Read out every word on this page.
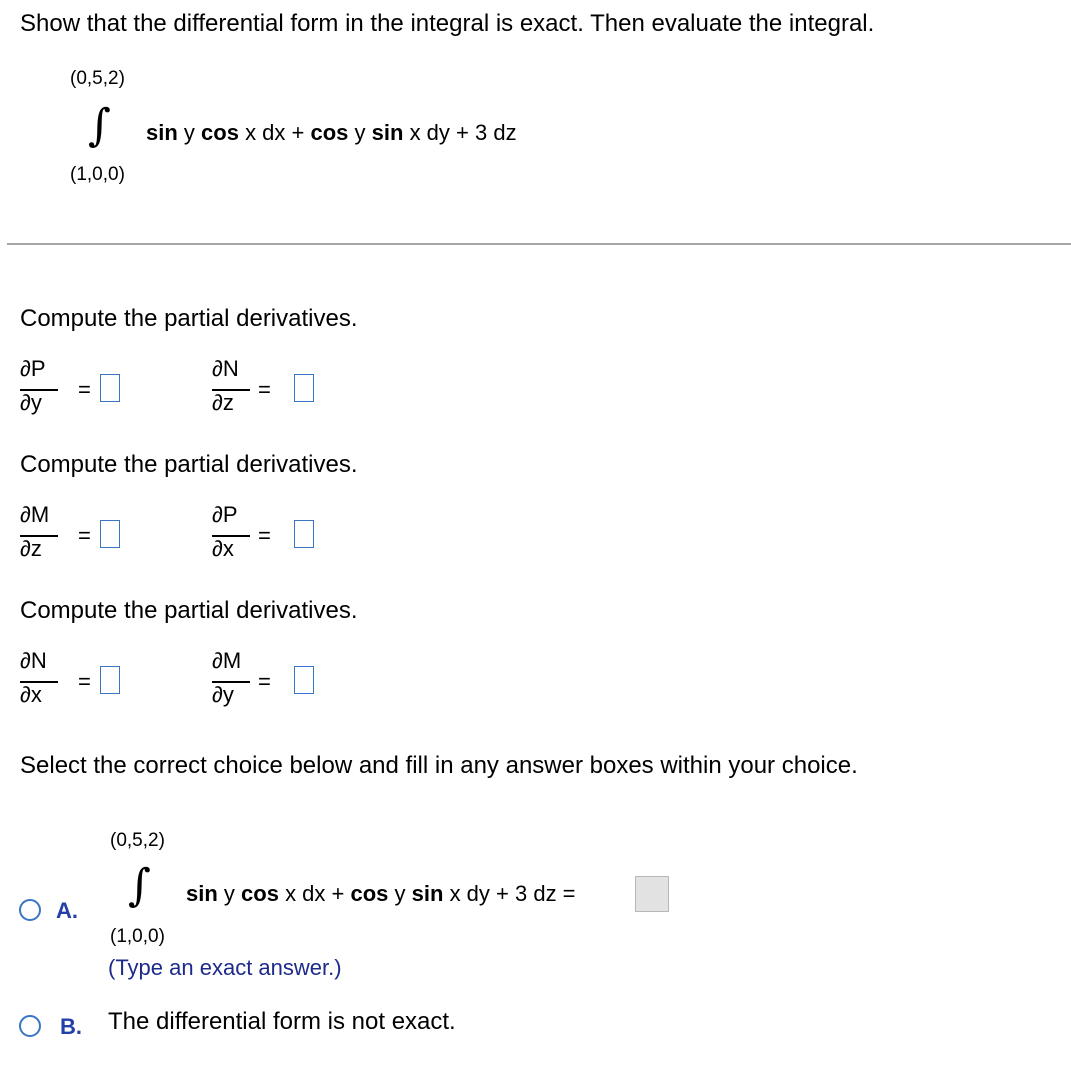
Show that the differential form in the integral is exact. Then evaluate the integral.
(0,5,2)
∫
(1,0,0)
sin y cos x dx + cos y sin x dy + 3 dz
Compute the partial derivatives.
∂P
∂y
=
∂N
∂z
=
Compute the partial derivatives.
∂M
∂z
=
∂P
∂x
=
Compute the partial derivatives.
∂N
∂x
=
∂M
∂y
=
Select the correct choice below and fill in any answer boxes within your choice.
A.
(0,5,2)
∫
(1,0,0)
sin y cos x dx + cos y sin x dy + 3 dz =
(Type an exact answer.)
B. The differential form is not exact.
